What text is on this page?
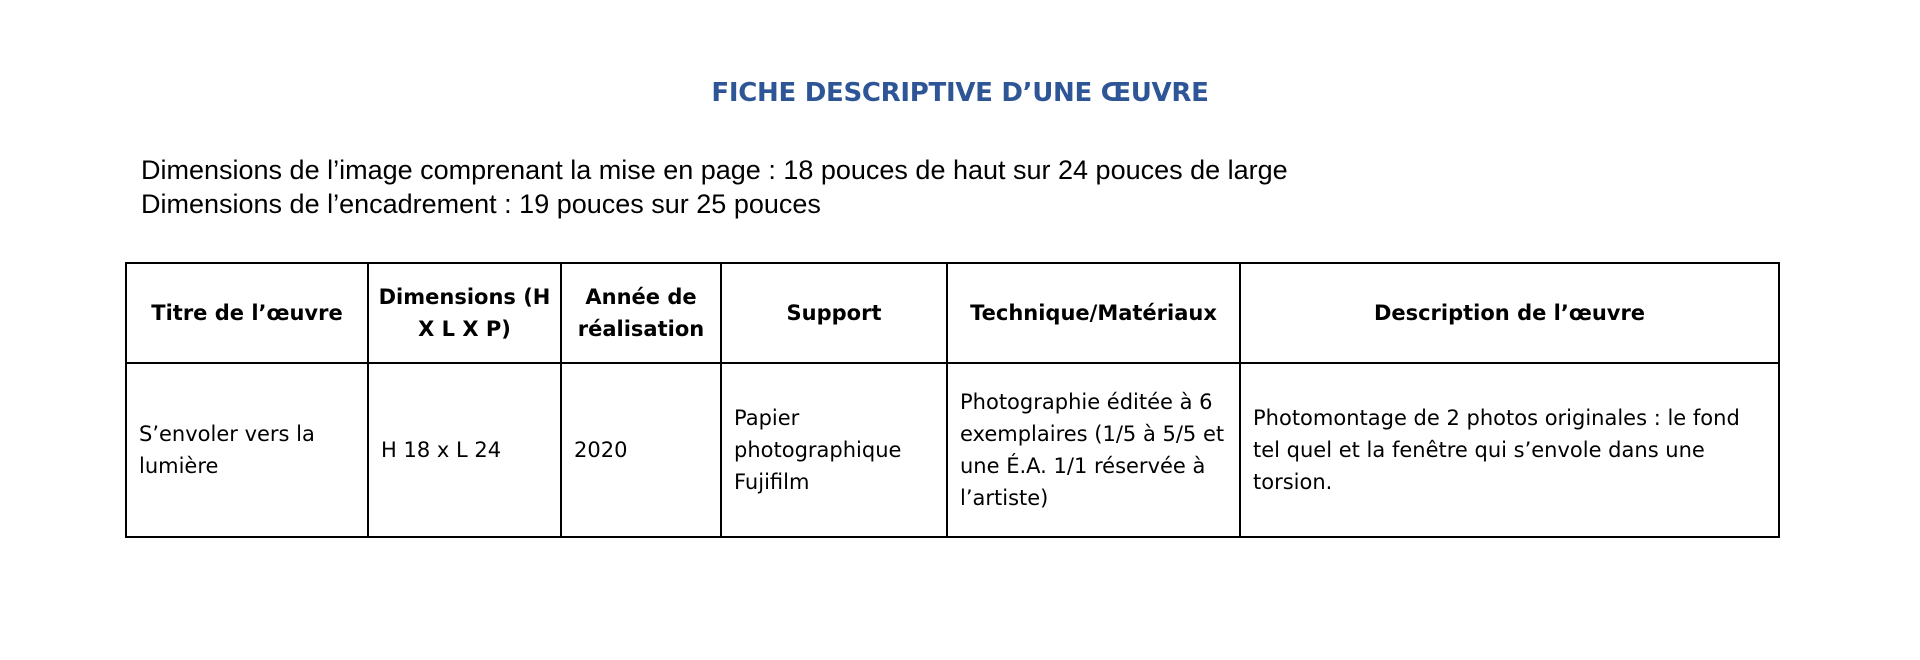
FICHE DESCRIPTIVE D’UNE ŒUVRE
Dimensions de l’image comprenant la mise en page : 18 pouces de haut sur 24 pouces de large
Dimensions de l’encadrement : 19 pouces sur 25 pouces
Titre de l’œuvre	Dimensions (H X L X P)	Année de réalisation	Support	Technique/Matériaux	Description de l’œuvre
S’envoler vers la lumière	H 18 x L 24	2020	Papier photographique Fujifilm	Photographie éditée à 6 exemplaires (1/5 à 5/5 et une É.A. 1/1 réservée à l’artiste)	Photomontage de 2 photos originales : le fond tel quel et la fenêtre qui s’envole dans une torsion.
